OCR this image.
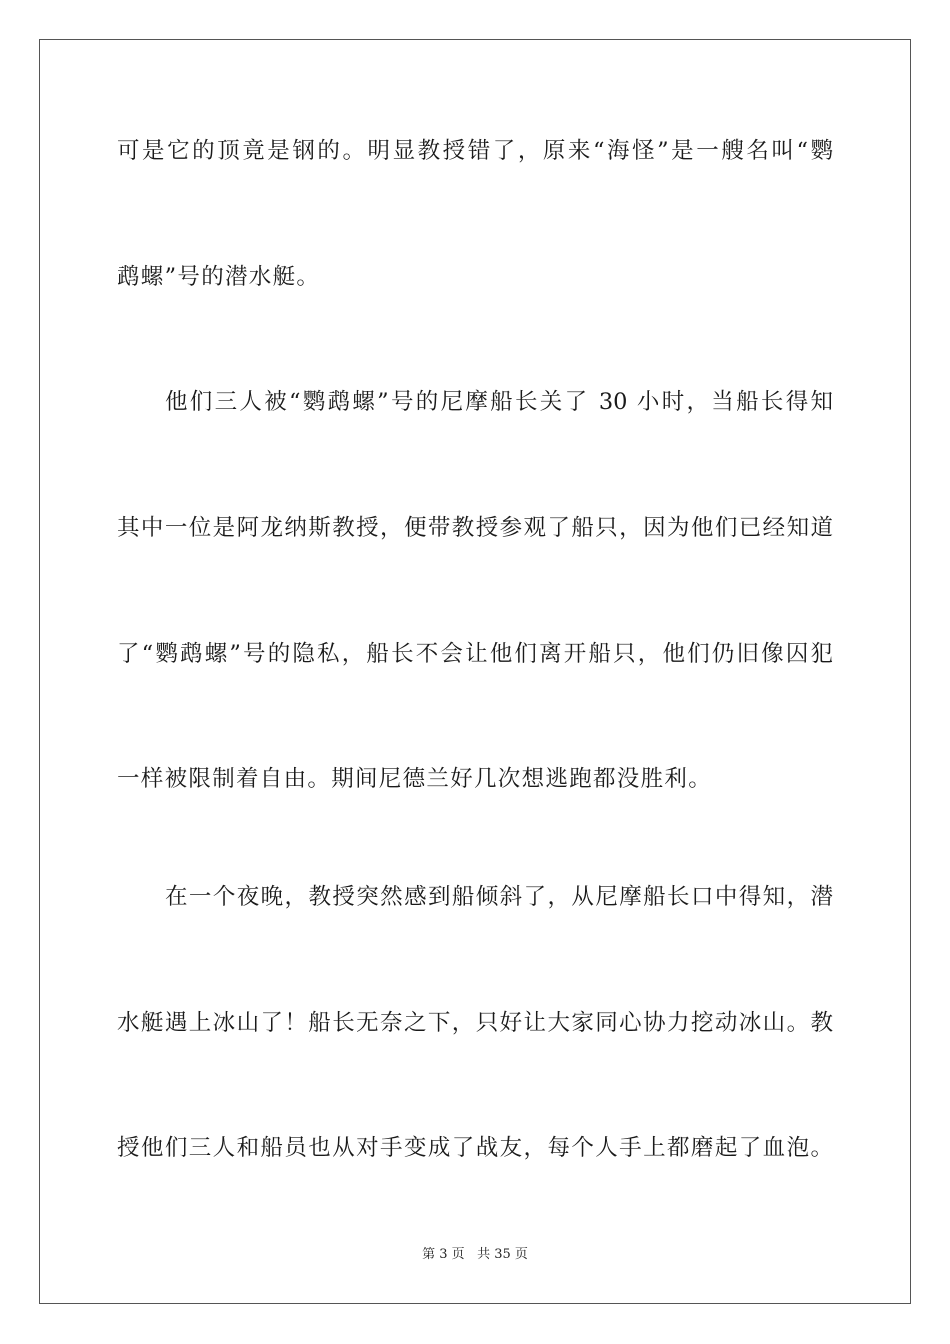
可是它的顶竟是钢的。明显教授错了，原来“海怪”是一艘名叫“鹦
鹉螺”号的潜水艇。
他们三人被“鹦鹉螺”号的尼摩船长关了 30 小时，当船长得知
其中一位是阿龙纳斯教授，便带教授参观了船只，因为他们已经知道
了“鹦鹉螺”号的隐私，船长不会让他们离开船只，他们仍旧像囚犯
一样被限制着自由。期间尼德兰好几次想逃跑都没胜利。
在一个夜晚，教授突然感到船倾斜了，从尼摩船长口中得知，潜
水艇遇上冰山了！船长无奈之下，只好让大家同心协力挖动冰山。教
授他们三人和船员也从对手变成了战友，每个人手上都磨起了血泡。
第 3 页 共 35 页
